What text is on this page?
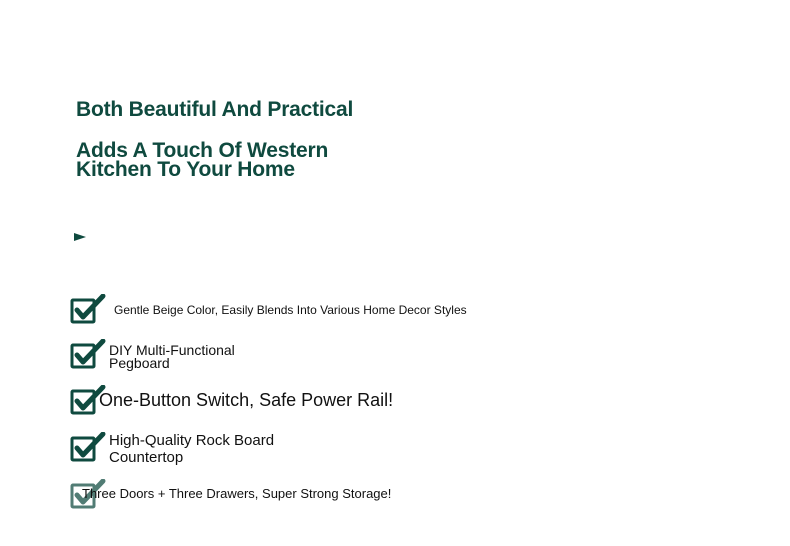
Both Beautiful And Practical
Adds A Touch Of Western Kitchen To Your Home
Gentle Beige Color, Easily Blends Into Various Home Decor Styles
DIY Multi-Functional Pegboard
One-Button Switch, Safe Power Rail!
High-Quality Rock Board Countertop
Three Doors + Three Drawers, Super Strong Storage!
